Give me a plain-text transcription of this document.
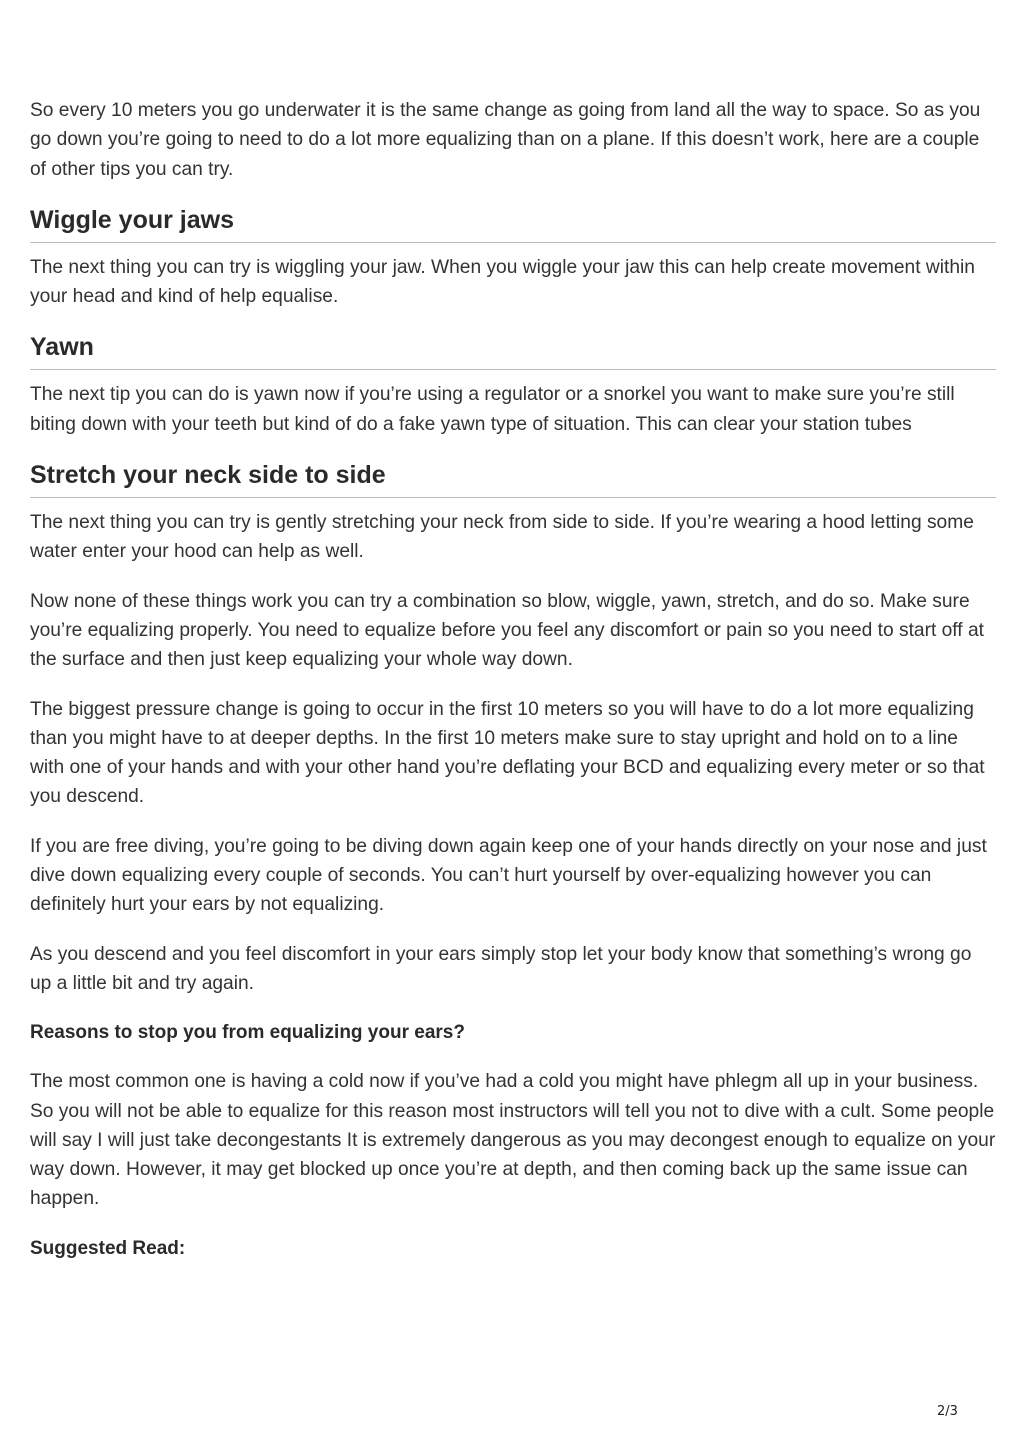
So every 10 meters you go underwater it is the same change as going from land all the way to space. So as you go down you’re going to need to do a lot more equalizing than on a plane. If this doesn’t work, here are a couple of other tips you can try.

Wiggle your jaws

The next thing you can try is wiggling your jaw. When you wiggle your jaw this can help create movement within your head and kind of help equalise.

Yawn

The next tip you can do is yawn now if you’re using a regulator or a snorkel you want to make sure you’re still biting down with your teeth but kind of do a fake yawn type of situation. This can clear your station tubes

Stretch your neck side to side

The next thing you can try is gently stretching your neck from side to side. If you’re wearing a hood letting some water enter your hood can help as well.

Now none of these things work you can try a combination so blow, wiggle, yawn, stretch, and do so. Make sure you’re equalizing properly. You need to equalize before you feel any discomfort or pain so you need to start off at the surface and then just keep equalizing your whole way down.

The biggest pressure change is going to occur in the first 10 meters so you will have to do a lot more equalizing than you might have to at deeper depths. In the first 10 meters make sure to stay upright and hold on to a line with one of your hands and with your other hand you’re deflating your BCD and equalizing every meter or so that you descend.

If you are free diving, you’re going to be diving down again keep one of your hands directly on your nose and just dive down equalizing every couple of seconds. You can’t hurt yourself by over-equalizing however you can definitely hurt your ears by not equalizing.

As you descend and you feel discomfort in your ears simply stop let your body know that something’s wrong go up a little bit and try again.

Reasons to stop you from equalizing your ears?

The most common one is having a cold now if you’ve had a cold you might have phlegm all up in your business. So you will not be able to equalize for this reason most instructors will tell you not to dive with a cult. Some people will say I will just take decongestants It is extremely dangerous as you may decongest enough to equalize on your way down. However, it may get blocked up once you’re at depth, and then coming back up the same issue can happen.

Suggested Read:

2/3
